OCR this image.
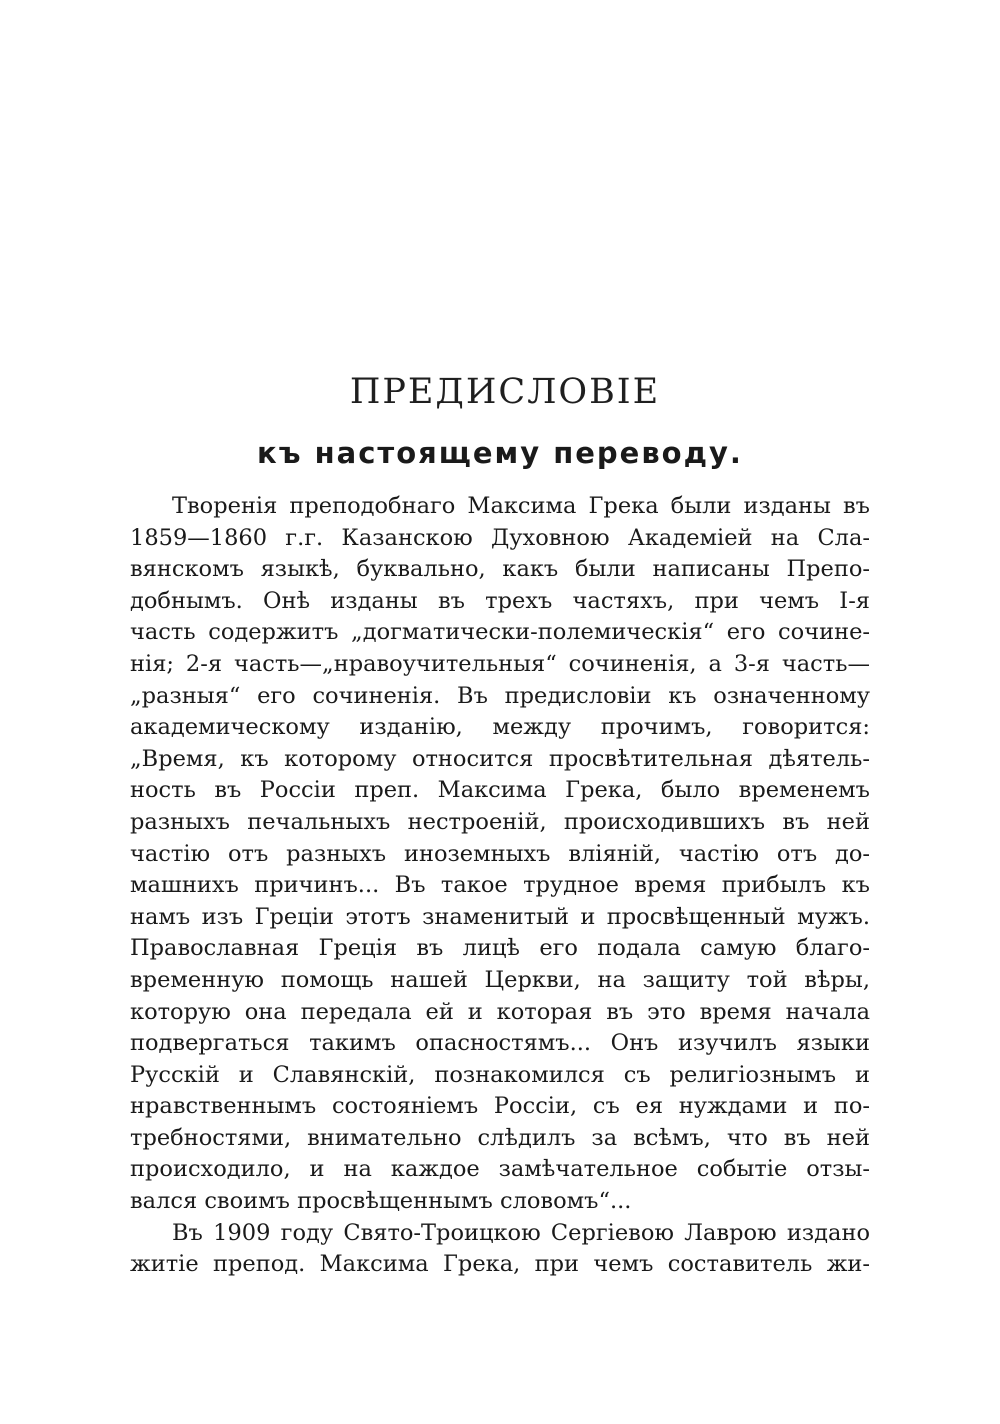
ПРЕДИСЛОВІЕ
къ настоящему переводу.
Творенія преподобнаго Максима Грека были изданы въ
1859—1860 г.г. Казанскою Духовною Академіей на Сла-
вянскомъ языкѣ, буквально, какъ были написаны Препо-
добнымъ. Онѣ изданы въ трехъ частяхъ, при чемъ I-я
часть содержитъ „догматически-полемическія“ его сочине-
нія; 2-я часть—„нравоучительныя“ сочиненія, а 3-я часть—
„разныя“ его сочиненія. Въ предисловіи къ означенному
академическому изданію, между прочимъ, говорится:
„Время, къ которому относится просвѣтительная дѣятель-
ность въ Россіи преп. Максима Грека, было временемъ
разныхъ печальныхъ нестроеній, происходившихъ въ ней
частію отъ разныхъ иноземныхъ вліяній, частію отъ до-
машнихъ причинъ... Въ такое трудное время прибылъ къ
намъ изъ Греціи этотъ знаменитый и просвѣщенный мужъ.
Православная Греція въ лицѣ его подала самую благо-
временную помощь нашей Церкви, на защиту той вѣры,
которую она передала ей и которая въ это время начала
подвергаться такимъ опасностямъ... Онъ изучилъ языки
Русскій и Славянскій, познакомился съ религіознымъ и
нравственнымъ состояніемъ Россіи, съ ея нуждами и по-
требностями, внимательно слѣдилъ за всѣмъ, что въ ней
происходило, и на каждое замѣчательное событіе отзы-
вался своимъ просвѣщеннымъ словомъ“...
Въ 1909 году Свято-Троицкою Сергіевою Лаврою издано
житіе препод. Максима Грека, при чемъ составитель жи-
